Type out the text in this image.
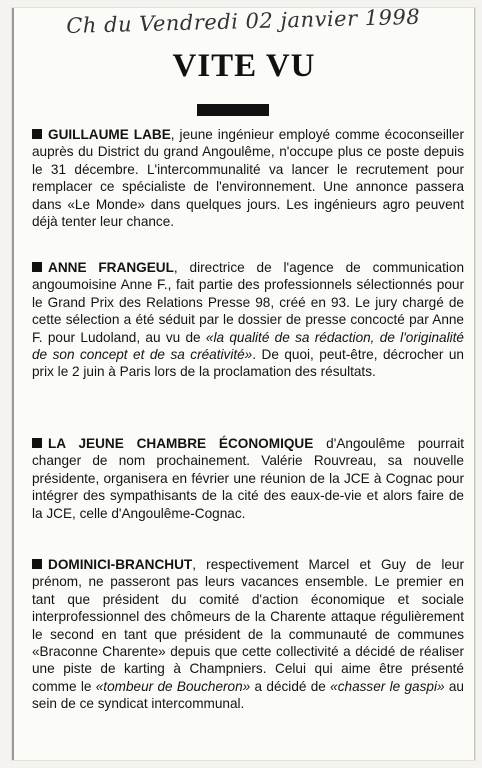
Ch du Vendredi 02 janvier 1998
VITE VU
GUILLAUME LABE, jeune ingénieur employé comme écoconseiller auprès du District du grand Angoulême, n'occupe plus ce poste depuis le 31 décembre. L'intercommunalité va lancer le recrutement pour remplacer ce spécialiste de l'environnement. Une annonce passera dans «Le Monde» dans quelques jours. Les ingénieurs agro peuvent déjà tenter leur chance.
ANNE FRANGEUL, directrice de l'agence de communication angoumoisine Anne F., fait partie des professionnels sélectionnés pour le Grand Prix des Relations Presse 98, créé en 93. Le jury chargé de cette sélection a été séduit par le dossier de presse concocté par Anne F. pour Ludoland, au vu de «la qualité de sa rédaction, de l'originalité de son concept et de sa créativité». De quoi, peut-être, décrocher un prix le 2 juin à Paris lors de la proclamation des résultats.
LA JEUNE CHAMBRE ÉCONOMIQUE d'Angoulême pourrait changer de nom prochainement. Valérie Rouvreau, sa nouvelle présidente, organisera en février une réunion de la JCE à Cognac pour intégrer des sympathisants de la cité des eaux-de-vie et alors faire de la JCE, celle d'Angoulême-Cognac.
DOMINICI-BRANCHUT, respectivement Marcel et Guy de leur prénom, ne passeront pas leurs vacances ensemble. Le premier en tant que président du comité d'action économique et sociale interprofessionnel des chômeurs de la Charente attaque régulièrement le second en tant que président de la communauté de communes «Braconne Charente» depuis que cette collectivité a décidé de réaliser une piste de karting à Champniers. Celui qui aime être présenté comme le «tombeur de Boucheron» a décidé de «chasser le gaspi» au sein de ce syndicat intercommunal.
